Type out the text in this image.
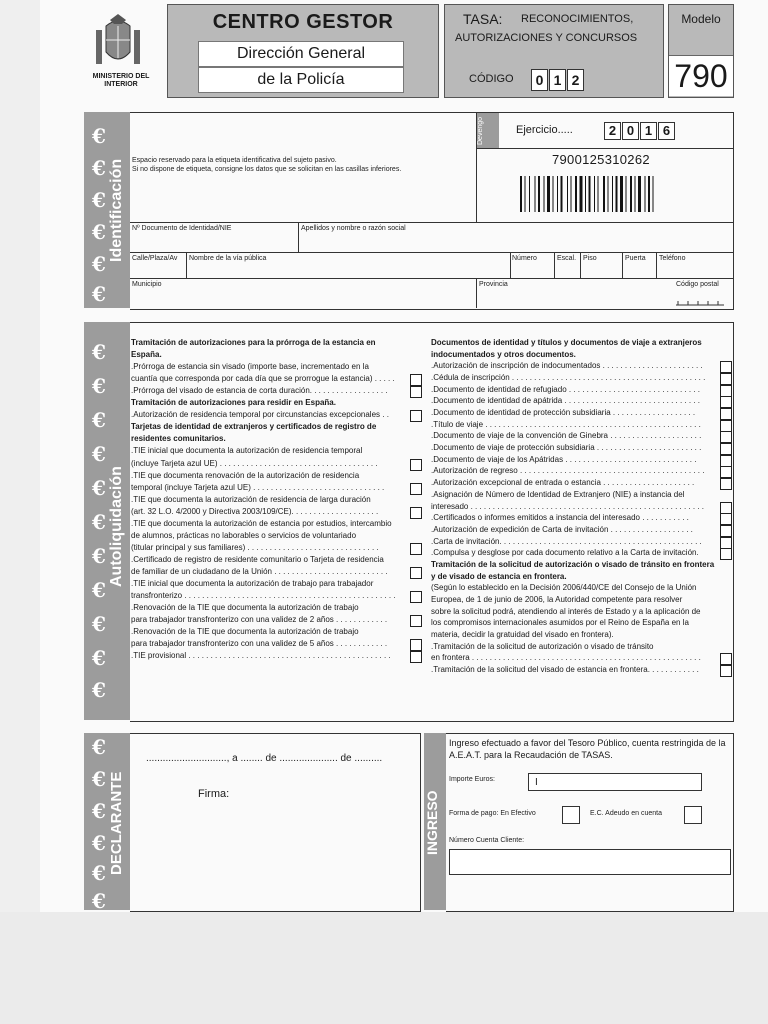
MINISTERIO DEL INTERIOR
CENTRO GESTOR
Dirección General
de la Policía
TASA: RECONOCIMIENTOS,
AUTORIZACIONES Y CONCURSOS
CÓDIGO	0 1 2
Modelo
790
Identificación
€
€
€
€
€
€
Espacio reservado para la etiqueta identificativa del sujeto pasivo.
Si no dispone de etiqueta, consigne los datos que se solicitan en las casillas inferiores.
Devengo	Ejercicio.....	2 0 1 6
7900125310262
Nº Documento de Identidad/NIE	Apellidos y nombre o razón social
Calle/Plaza/Av Nombre de la vía pública	Número	Escal. Piso	Puerta Teléfono
Municipio	Provincia	Código postal
Autoliquidación
€
€
€
€
€
€
€
€
€
€
€
Tramitación de autorizaciones para la prórroga de la estancia en
España.
.Prórroga de estancia sin visado (importe base, incrementado en la
cuantía que corresponda por cada día que se prorrogue la estancia) . . . . .
.Prórroga del visado de estancia de corta duración. . . . . . . . . . . . . . . . . .
Tramitación de autorizaciones para residir en España.
.Autorización de residencia temporal por circunstancias excepcionales . .
Tarjetas de identidad de extranjeros y certificados de registro de
residentes comunitarios.
.TIE inicial que documenta la autorización de residencia temporal
(incluye Tarjeta azul UE) . . . . . . . . . . . . . . . . . . . . . . . . . . . . . . . . . . . .
.TIE que documenta renovación de la autorización de residencia
temporal (incluye Tarjeta azul UE) . . . . . . . . . . . . . . . . . . . . . . . . . . . . . .
.TIE que documenta la autorización de residencia de larga duración
(art. 32 L.O. 4/2000 y Directiva 2003/109/CE). . . . . . . . . . . . . . . . . . . .
.TIE que documenta la autorización de estancia por estudios, intercambio
de alumnos, prácticas no laborables o servicios de voluntariado
(titular principal y sus familiares) . . . . . . . . . . . . . . . . . . . . . . . . . . . . . .
.Certificado de registro de residente comunitario o Tarjeta de residencia
de familiar de un ciudadano de la Unión . . . . . . . . . . . . . . . . . . . . . . . . . .
.TIE inicial que documenta la autorización de trabajo para trabajador
transfronterizo . . . . . . . . . . . . . . . . . . . . . . . . . . . . . . . . . . . . . . . . . . . . . . . .
.Renovación de la TIE que documenta la autorización de trabajo
para trabajador transfronterizo con una validez de 2 años . . . . . . . . . . . .
.Renovación de la TIE que documenta la autorización de trabajo
para trabajador transfronterizo con una validez de 5 años . . . . . . . . . . . .
.TIE provisional . . . . . . . . . . . . . . . . . . . . . . . . . . . . . . . . . . . . . . . . . . . . . .
Documentos de identidad y títulos y documentos de viaje a extranjeros
indocumentados y otros documentos.
.Autorización de inscripción de indocumentados . . . . . . . . . . . . . . . . . . . . . . .
.Cédula de inscripción . . . . . . . . . . . . . . . . . . . . . . . . . . . . . . . . . . . . . . . . . . . .
.Documento de identidad de refugiado . . . . . . . . . . . . . . . . . . . . . . . . . . . . . .
.Documento de identidad de apátrida . . . . . . . . . . . . . . . . . . . . . . . . . . . . . . .
.Documento de identidad de protección subsidiaria . . . . . . . . . . . . . . . . . . .
.Título de viaje . . . . . . . . . . . . . . . . . . . . . . . . . . . . . . . . . . . . . . . . . . . . . . . . .
.Documento de viaje de la convención de Ginebra . . . . . . . . . . . . . . . . . . . . .
.Documento de viaje de protección subsidiaria . . . . . . . . . . . . . . . . . . . . . . . .
.Documento de viaje de los Apátridas . . . . . . . . . . . . . . . . . . . . . . . . . . . . . .
.Autorización de regreso . . . . . . . . . . . . . . . . . . . . . . . . . . . . . . . . . . . . . . . . . .
.Autorización excepcional de entrada o estancia . . . . . . . . . . . . . . . . . . . . .
.Asignación de Número de Identidad de Extranjero (NIE) a instancia del
interesado . . . . . . . . . . . . . . . . . . . . . . . . . . . . . . . . . . . . . . . . . . . . . . . . . . . . .
.Certificados o informes emitidos a instancia del interesado . . . . . . . . . . .
.Autorización de expedición de Carta de invitación . . . . . . . . . . . . . . . . . . .
.Carta de invitación. . . . . . . . . . . . . . . . . . . . . . . . . . . . . . . . . . . . . . . . . . . . . .
.Compulsa y desglose por cada documento relativo a la Carta de invitación.
Tramitación de la solicitud de autorización o visado de tránsito en frontera
y de visado de estancia en frontera.
(Según lo establecido en la Decisión 2006/440/CE del Consejo de la Unión
Europea, de 1 de junio de 2006, la Autoridad competente para resolver
sobre la solicitud podrá, atendiendo al interés de Estado y a la aplicación de
los compromisos internacionales asumidos por el Reino de España en la
materia, decidir la gratuidad del visado en frontera).
.Tramitación de la solicitud de autorización o visado de tránsito
en frontera . . . . . . . . . . . . . . . . . . . . . . . . . . . . . . . . . . . . . . . . . . . . . . . . . . . .
.Tramitación de la solicitud del visado de estancia en frontera. . . . . . . . . . . .
DECLARANTE
€
€
€
€
€
€
............................., a ........ de ..................... de ..........
Firma:	INGRESO
Ingreso efectuado a favor del Tesoro Público, cuenta restringida de la
A.E.A.T. para la Recaudación de TASAS.
Importe Euros:	I
Forma de pago: En Efectivo	E.C. Adeudo en cuenta
Número Cuenta Cliente:
